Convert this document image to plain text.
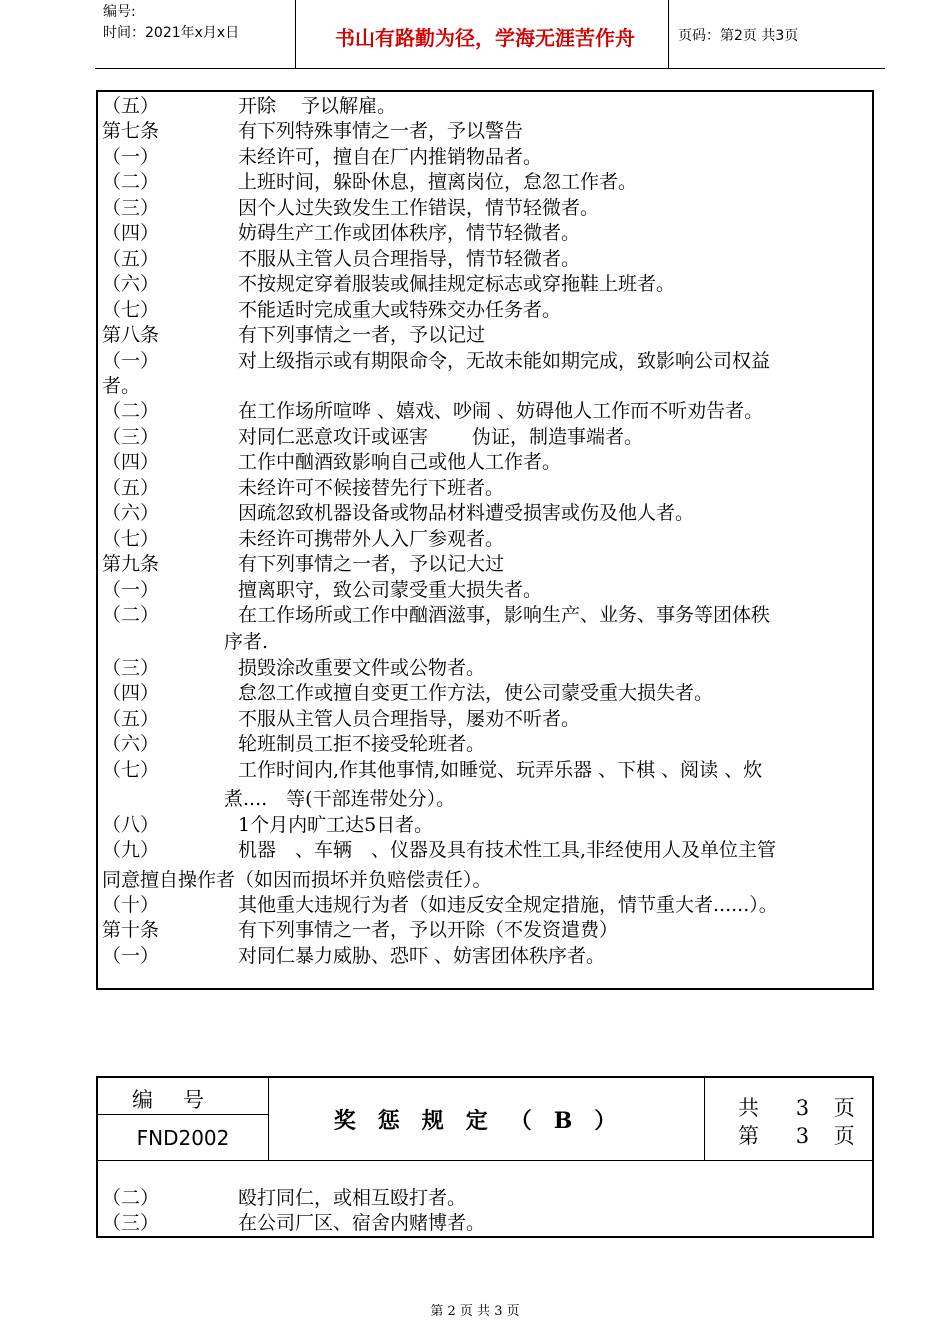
编号:
时间：2021年x月x日	书山有路勤为径，学海无涯苦作舟	页码：第2页 共3页
（五）	开除　 予以解雇。
第七条	有下列特殊事情之一者，予以警告
（一）	未经许可，擅自在厂内推销物品者。
（二）	上班时间，躲卧休息，擅离岗位，怠忽工作者。
（三）	因个人过失致发生工作错误，情节轻微者。
（四）	妨碍生产工作或团体秩序，情节轻微者。
（五）	不服从主管人员合理指导，情节轻微者。
（六）	不按规定穿着服装或佩挂规定标志或穿拖鞋上班者。
（七）	不能适时完成重大或特殊交办任务者。
第八条	有下列事情之一者，予以记过
（一）	对上级指示或有期限命令，无故未能如期完成，致影响公司权益
者。
（二）	在工作场所喧哗 、嬉戏、吵闹 、妨碍他人工作而不听劝告者。
（三）	对同仁恶意攻讦或诬害　　 伪证，制造事端者。
（四）	工作中酗酒致影响自己或他人工作者。
（五）	未经许可不候接替先行下班者。
（六）	因疏忽致机器设备或物品材料遭受损害或伤及他人者。
（七）	未经许可携带外人入厂参观者。
第九条	有下列事情之一者，予以记大过
（一）	擅离职守，致公司蒙受重大损失者。
（二）	在工作场所或工作中酗酒滋事，影响生产、业务、事务等团体秩
序者.
（三）	损毁涂改重要文件或公物者。
（四）	怠忽工作或擅自变更工作方法，使公司蒙受重大损失者。
（五）	不服从主管人员合理指导，屡劝不听者。
（六）	轮班制员工拒不接受轮班者。
（七）	工作时间内,作其他事情,如睡觉、玩弄乐器 、下棋 、阅读 、炊
煮....　等(干部连带处分）。
（八）	1个月内旷工达5日者。
（九）	机器　、车辆　、仪器及具有技术性工具,非经使用人及单位主管
同意擅自操作者（如因而损坏并负赔偿责任）。
（十）	其他重大违规行为者（如违反安全规定措施，情节重大者......）。
第十条	有下列事情之一者，予以开除（不发资遣费）
（一）	对同仁暴力威胁、恐吓 、妨害团体秩序者。
编号
FND2002
奖惩规定（B）	共 3 页
第 3 页
（二）	殴打同仁，或相互殴打者。
（三）	在公司厂区、宿舍内赌博者。
第 2 页 共 3 页
